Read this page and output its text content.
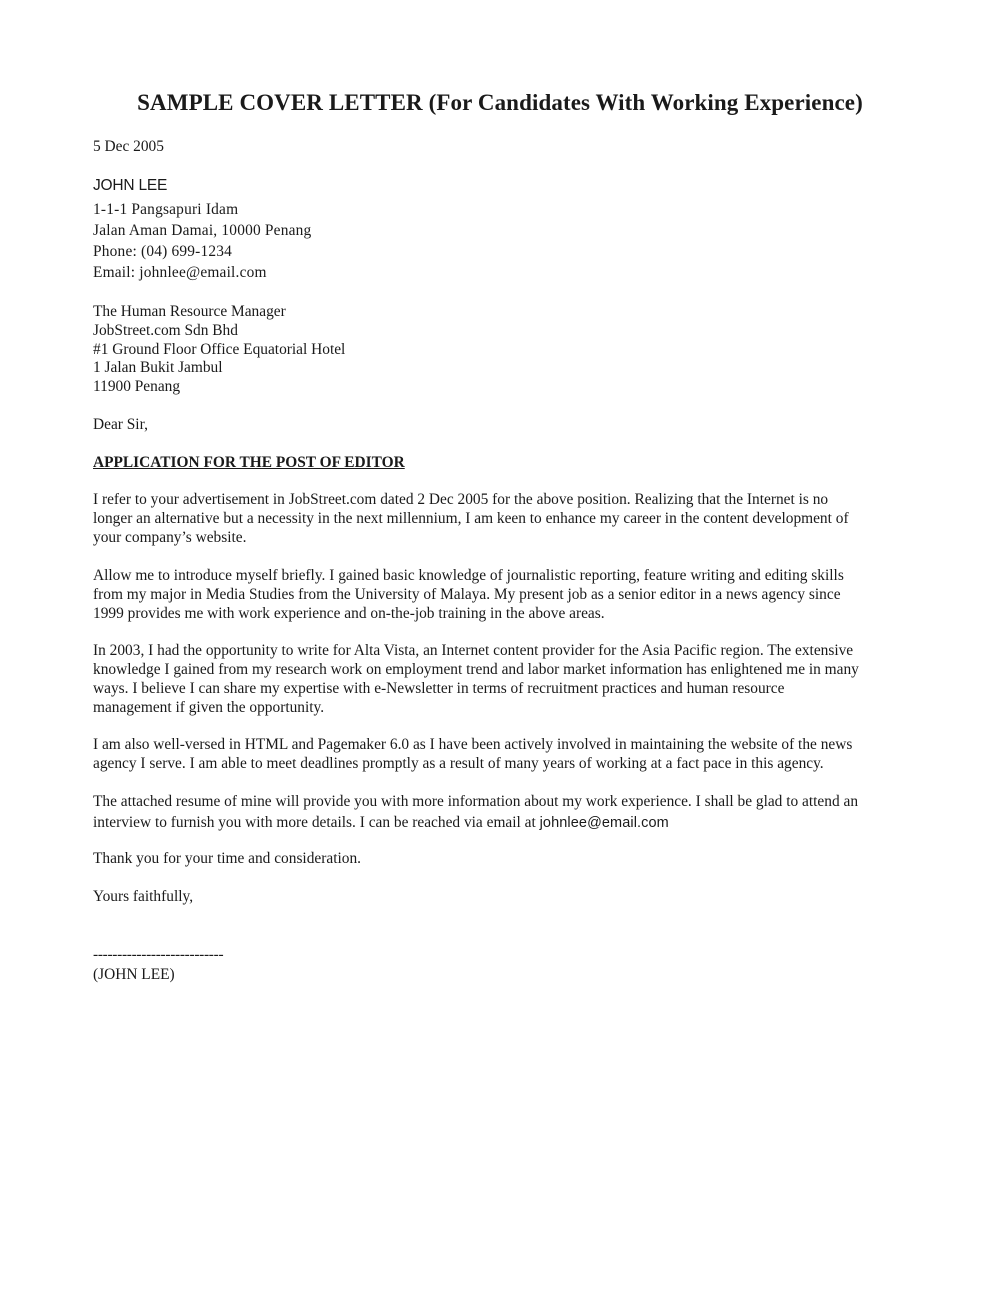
SAMPLE COVER LETTER (For Candidates With Working Experience)
5 Dec 2005
JOHN LEE
1-1-1 Pangsapuri Idam
Jalan Aman Damai, 10000 Penang
Phone: (04) 699-1234
Email: johnlee@email.com
The Human Resource Manager
JobStreet.com Sdn Bhd
#1 Ground Floor Office Equatorial Hotel
1 Jalan Bukit Jambul
11900 Penang
Dear Sir,
APPLICATION FOR THE POST OF EDITOR
I refer to your advertisement in JobStreet.com dated 2 Dec 2005 for the above position. Realizing that the Internet is no
longer an alternative but a necessity in the next millennium, I am keen to enhance my career in the content development of
your company’s website.
Allow me to introduce myself briefly. I gained basic knowledge of journalistic reporting, feature writing and editing skills
from my major in Media Studies from the University of Malaya. My present job as a senior editor in a news agency since
1999 provides me with work experience and on-the-job training in the above areas.
In 2003, I had the opportunity to write for Alta Vista, an Internet content provider for the Asia Pacific region. The extensive
knowledge I gained from my research work on employment trend and labor market information has enlightened me in many
ways. I believe I can share my expertise with e-Newsletter in terms of recruitment practices and human resource
management if given the opportunity.
I am also well-versed in HTML and Pagemaker 6.0 as I have been actively involved in maintaining the website of the news
agency I serve. I am able to meet deadlines promptly as a result of many years of working at a fact pace in this agency.
The attached resume of mine will provide you with more information about my work experience. I shall be glad to attend an
interview to furnish you with more details. I can be reached via email at johnlee@email.com
Thank you for your time and consideration.
Yours faithfully,
---------------------------
(JOHN LEE)
